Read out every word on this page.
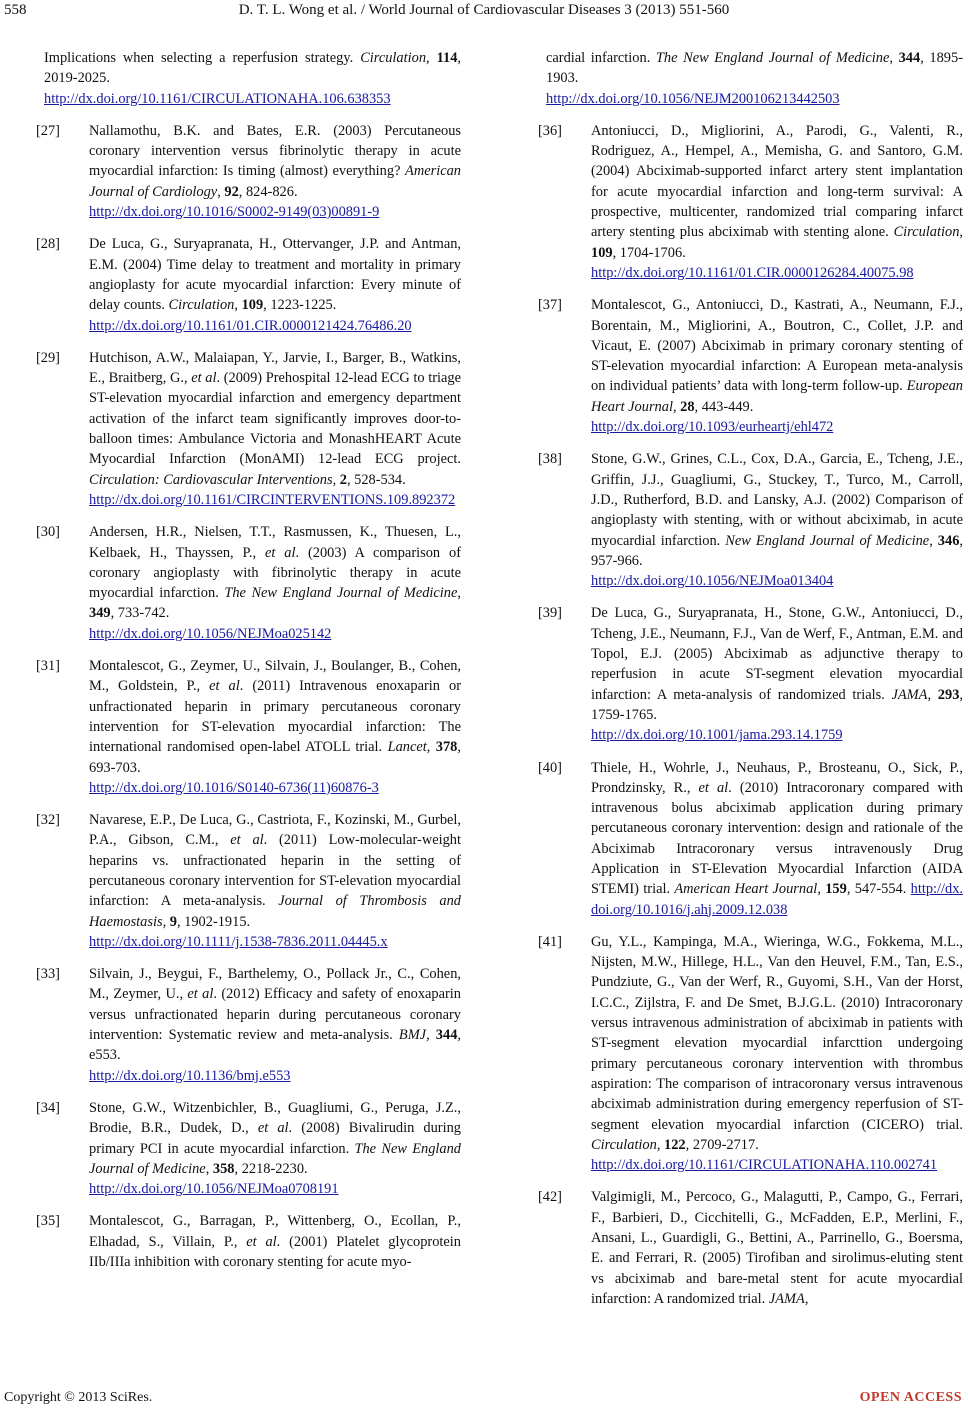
558	D. T. L. Wong et al. / World Journal of Cardiovascular Diseases 3 (2013) 551-560
Implications when selecting a reperfusion strategy. Circulation, 114, 2019-2025.
http://dx.doi.org/10.1161/CIRCULATIONAHA.106.638353
[27] Nallamothu, B.K. and Bates, E.R. (2003) Percutaneous coronary intervention versus fibrinolytic therapy in acute myocardial infarction: Is timing (almost) everything? American Journal of Cardiology, 92, 824-826.
http://dx.doi.org/10.1016/S0002-9149(03)00891-9
[28] De Luca, G., Suryapranata, H., Ottervanger, J.P. and Antman, E.M. (2004) Time delay to treatment and mortality in primary angioplasty for acute myocardial infarction: Every minute of delay counts. Circulation, 109, 1223-1225.
http://dx.doi.org/10.1161/01.CIR.0000121424.76486.20
[29] Hutchison, A.W., Malaiapan, Y., Jarvie, I., Barger, B., Watkins, E., Braitberg, G., et al. (2009) Prehospital 12-lead ECG to triage ST-elevation myocardial infarction and emergency department activation of the infarct team significantly improves door-to-balloon times: Ambulance Victoria and MonashHEART Acute Myocardial Infarction (MonAMI) 12-lead ECG project. Circulation: Cardiovascular Interventions, 2, 528-534.
http://dx.doi.org/10.1161/CIRCINTERVENTIONS.109.892372
[30] Andersen, H.R., Nielsen, T.T., Rasmussen, K., Thuesen, L., Kelbaek, H., Thayssen, P., et al. (2003) A comparison of coronary angioplasty with fibrinolytic therapy in acute myocardial infarction. The New England Journal of Medicine, 349, 733-742.
http://dx.doi.org/10.1056/NEJMoa025142
[31] Montalescot, G., Zeymer, U., Silvain, J., Boulanger, B., Cohen, M., Goldstein, P., et al. (2011) Intravenous enoxaparin or unfractionated heparin in primary percutaneous coronary intervention for ST-elevation myocardial infarction: The international randomised open-label ATOLL trial. Lancet, 378, 693-703.
http://dx.doi.org/10.1016/S0140-6736(11)60876-3
[32] Navarese, E.P., De Luca, G., Castriota, F., Kozinski, M., Gurbel, P.A., Gibson, C.M., et al. (2011) Low-molecular-weight heparins vs. unfractionated heparin in the setting of percutaneous coronary intervention for ST-elevation myocardial infarction: A meta-analysis. Journal of Thrombosis and Haemostasis, 9, 1902-1915.
http://dx.doi.org/10.1111/j.1538-7836.2011.04445.x
[33] Silvain, J., Beygui, F., Barthelemy, O., Pollack Jr., C., Cohen, M., Zeymer, U., et al. (2012) Efficacy and safety of enoxaparin versus unfractionated heparin during percutaneous coronary intervention: Systematic review and meta-analysis. BMJ, 344, e553.
http://dx.doi.org/10.1136/bmj.e553
[34] Stone, G.W., Witzenbichler, B., Guagliumi, G., Peruga, J.Z., Brodie, B.R., Dudek, D., et al. (2008) Bivalirudin during primary PCI in acute myocardial infarction. The New England Journal of Medicine, 358, 2218-2230.
http://dx.doi.org/10.1056/NEJMoa0708191
[35] Montalescot, G., Barragan, P., Wittenberg, O., Ecollan, P., Elhadad, S., Villain, P., et al. (2001) Platelet glycoprotein IIb/IIIa inhibition with coronary stenting for acute myo-
cardial infarction. The New England Journal of Medicine, 344, 1895-1903.
http://dx.doi.org/10.1056/NEJM200106213442503
[36] Antoniucci, D., Migliorini, A., Parodi, G., Valenti, R., Rodriguez, A., Hempel, A., Memisha, G. and Santoro, G.M. (2004) Abciximab-supported infarct artery stent implantation for acute myocardial infarction and long-term survival: A prospective, multicenter, randomized trial comparing infarct artery stenting plus abciximab with stenting alone. Circulation, 109, 1704-1706.
http://dx.doi.org/10.1161/01.CIR.0000126284.40075.98
[37] Montalescot, G., Antoniucci, D., Kastrati, A., Neumann, F.J., Borentain, M., Migliorini, A., Boutron, C., Collet, J.P. and Vicaut, E. (2007) Abciximab in primary coronary stenting of ST-elevation myocardial infarction: A European meta-analysis on individual patients’ data with long-term follow-up. European Heart Journal, 28, 443-449.
http://dx.doi.org/10.1093/eurheartj/ehl472
[38] Stone, G.W., Grines, C.L., Cox, D.A., Garcia, E., Tcheng, J.E., Griffin, J.J., Guagliumi, G., Stuckey, T., Turco, M., Carroll, J.D., Rutherford, B.D. and Lansky, A.J. (2002) Comparison of angioplasty with stenting, with or without abciximab, in acute myocardial infarction. New England Journal of Medicine, 346, 957-966.
http://dx.doi.org/10.1056/NEJMoa013404
[39] De Luca, G., Suryapranata, H., Stone, G.W., Antoniucci, D., Tcheng, J.E., Neumann, F.J., Van de Werf, F., Antman, E.M. and Topol, E.J. (2005) Abciximab as adjunctive therapy to reperfusion in acute ST-segment elevation myocardial infarction: A meta-analysis of randomized trials. JAMA, 293, 1759-1765.
http://dx.doi.org/10.1001/jama.293.14.1759
[40] Thiele, H., Wohrle, J., Neuhaus, P., Brosteanu, O., Sick, P., Prondzinsky, R., et al. (2010) Intracoronary compared with intravenous bolus abciximab application during primary percutaneous coronary intervention: design and rationale of the Abciximab Intracoronary versus intravenously Drug Application in ST-Elevation Myocardial Infarction (AIDA STEMI) trial. American Heart Journal, 159, 547-554. http://dx.doi.org/10.1016/j.ahj.2009.12.038
[41] Gu, Y.L., Kampinga, M.A., Wieringa, W.G., Fokkema, M.L., Nijsten, M.W., Hillege, H.L., Van den Heuvel, F.M., Tan, E.S., Pundziute, G., Van der Werf, R., Guyomi, S.H., Van der Horst, I.C.C., Zijlstra, F. and De Smet, B.J.G.L. (2010) Intracoronary versus intravenous administration of abciximab in patients with ST-segment elevation myocardial infarcttion undergoing primary percutaneous coronary intervention with thrombus aspiration: The comparison of intracoronary versus intravenous abciximab administration during emergency reperfusion of ST-segment elevation myocardial infarction (CICERO) trial. Circulation, 122, 2709-2717.
http://dx.doi.org/10.1161/CIRCULATIONAHA.110.002741
[42] Valgimigli, M., Percoco, G., Malagutti, P., Campo, G., Ferrari, F., Barbieri, D., Cicchitelli, G., McFadden, E.P., Merlini, F., Ansani, L., Guardigli, G., Bettini, A., Parrinello, G., Boersma, E. and Ferrari, R. (2005) Tirofiban and sirolimus-eluting stent vs abciximab and bare-metal stent for acute myocardial infarction: A randomized trial. JAMA,
Copyright © 2013 SciRes.	OPEN ACCESS
